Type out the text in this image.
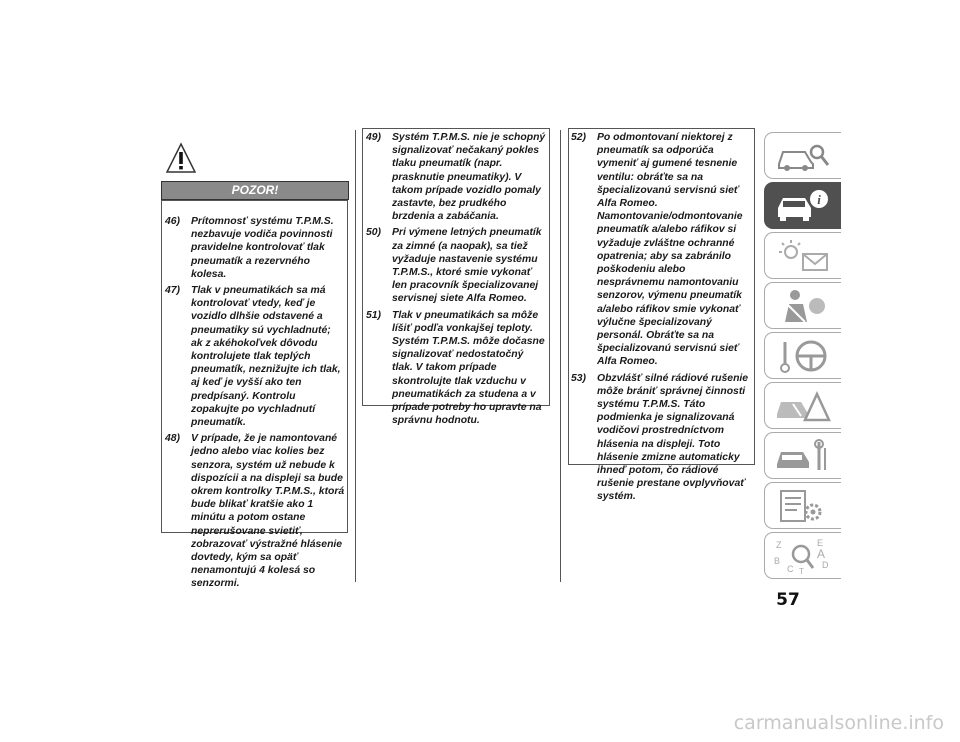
POZOR!

46) Prítomnosť systému T.P.M.S. nezbavuje vodiča povinnosti pravidelne kontrolovať tlak pneumatík a rezervného kolesa.

47) Tlak v pneumatikách sa má kontrolovať vtedy, keď je vozidlo dlhšie odstavené a pneumatiky sú vychladnuté; ak z akéhokoľvek dôvodu kontrolujete tlak teplých pneumatík, neznižujte ich tlak, aj keď je vyšší ako ten predpísaný. Kontrolu zopakujte po vychladnutí pneumatík.

48) V prípade, že je namontované jedno alebo viac kolies bez senzora, systém už nebude k dispozícii a na displeji sa bude okrem kontrolky T.P.M.S., ktorá bude blikať kratšie ako 1 minútu a potom ostane neprerušovane svietiť, zobrazovať výstražné hlásenie dovtedy, kým sa opäť nenamontujú 4 kolesá so senzormi.

49) Systém T.P.M.S. nie je schopný signalizovať nečakaný pokles tlaku pneumatík (napr. prasknutie pneumatiky). V takom prípade vozidlo pomaly zastavte, bez prudkého brzdenia a zabáčania.

50) Pri výmene letných pneumatík za zimné (a naopak), sa tiež vyžaduje nastavenie systému T.P.M.S., ktoré smie vykonať len pracovník špecializovanej servisnej siete Alfa Romeo.

51) Tlak v pneumatikách sa môže líšiť podľa vonkajšej teploty. Systém T.P.M.S. môže dočasne signalizovať nedostatočný tlak. V takom prípade skontrolujte tlak vzduchu v pneumatikách za studena a v prípade potreby ho upravte na správnu hodnotu.

52) Po odmontovaní niektorej z pneumatík sa odporúča vymeniť aj gumené tesnenie ventilu: obráťte sa na špecializovanú servisnú sieť Alfa Romeo. Namontovanie/odmontovanie pneumatík a/alebo ráfikov si vyžaduje zvláštne ochranné opatrenia; aby sa zabránilo poškodeniu alebo nesprávnemu namontovaniu senzorov, výmenu pneumatík a/alebo ráfikov smie vykonať výlučne špecializovaný personál. Obráťte sa na špecializovanú servisnú sieť Alfa Romeo.

53) Obzvlášť silné rádiové rušenie môže brániť správnej činnosti systému T.P.M.S. Táto podmienka je signalizovaná vodičovi prostredníctvom hlásenia na displeji. Toto hlásenie zmizne automaticky ihneď potom, čo rádiové rušenie prestane ovplyvňovať systém.

i
Z	E
A
B
C	D
T
57
carmanualsonline.info
